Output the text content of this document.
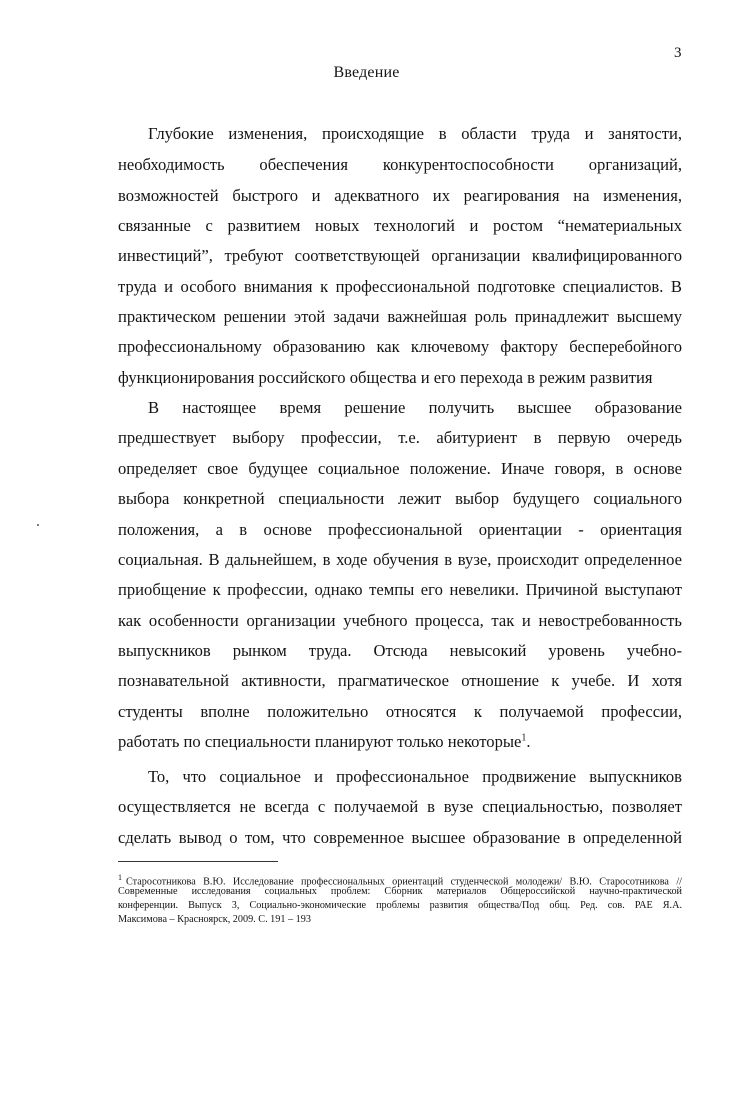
3
Введение
Глубокие изменения, происходящие в области труда и занятости,
необходимость обеспечения конкурентоспособности организаций,
возможностей быстрого и адекватного их реагирования на изменения,
связанные с развитием новых технологий и ростом “нематериальных
инвестиций”, требуют соответствующей организации квалифицированного
труда и особого внимания к профессиональной подготовке специалистов. В
практическом решении этой задачи важнейшая роль принадлежит высшему
профессиональному образованию как ключевому фактору бесперебойного
функционирования российского общества и его перехода в режим развития
В настоящее время решение получить высшее образование
предшествует выбору профессии, т.е. абитуриент в первую очередь
определяет свое будущее социальное положение. Иначе говоря, в основе
выбора конкретной специальности лежит выбор будущего социального
положения, а в основе профессиональной ориентации - ориентация
социальная. В дальнейшем, в ходе обучения в вузе, происходит определенное
приобщение к профессии, однако темпы его невелики. Причиной выступают
как особенности организации учебного процесса, так и невостребованность
выпускников рынком труда. Отсюда невысокий уровень учебно-
познавательной активности, прагматическое отношение к учебе. И хотя
студенты вполне положительно относятся к получаемой профессии,
работать по специальности планируют только некоторые$^1$.
То, что социальное и профессиональное продвижение выпускников
осуществляется не всегда с получаемой в вузе специальностью, позволяет
сделать вывод о том, что современное высшее образование в определенной
$^1$ Старосотникова В.Ю. Исследование профессиональных ориентаций студенческой молодежи/ В.Ю. Старосотникова //
Современные исследования социальных проблем: Сборник материалов Общероссийской научно-практической
конференции. Выпуск 3, Социально-экономические проблемы развития общества/Под общ. Ред. сов. РАЕ Я.А.
Максимова – Красноярск, 2009. С. 191 – 193
